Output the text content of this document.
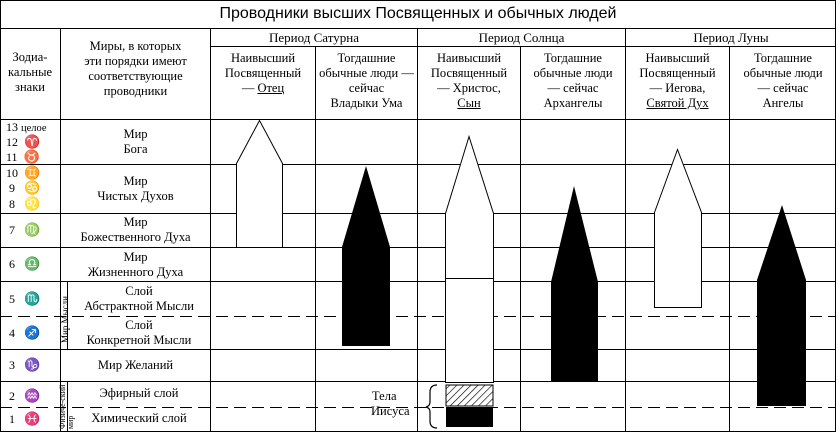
Проводники высших Посвященных и обычных людей
Зодиа-
кальные
знаки
Миры, в которых
эти порядки имеют
соответствующие
проводники
Период Сатурна	Период Солнца	Период Луны
Наивысший
Посвященный
— Отец
Тогдашние
обычные люди —
сейчас
Владыки Ума
Наивысший
Посвященный
— Христос,
Сын
Тогдашние
обычные люди
— сейчас
Архангелы
Наивысший
Посвященный
— Иегова,
Святой Дух
Тогдашние
обычные люди
— сейчас
Ангелы
13 целое
12 ♈
11 ♉
10 ♊
9 ♋
8 ♌
7 ♍
6 ♎
5 ♏
4 ♐
3 ♑
2 ♒
1 ♓
Мир
Бога
Мир
Чистых Духов
Мир
Божественного Духа
Мир
Жизненного Духа
Слой
Абстрактной Мысли
Слой
Конкретной Мысли
Мир Желаний
Эфирный слой
Химический слой
Мир Мысли
Физиче-ский мир
Тела
Иисуса
